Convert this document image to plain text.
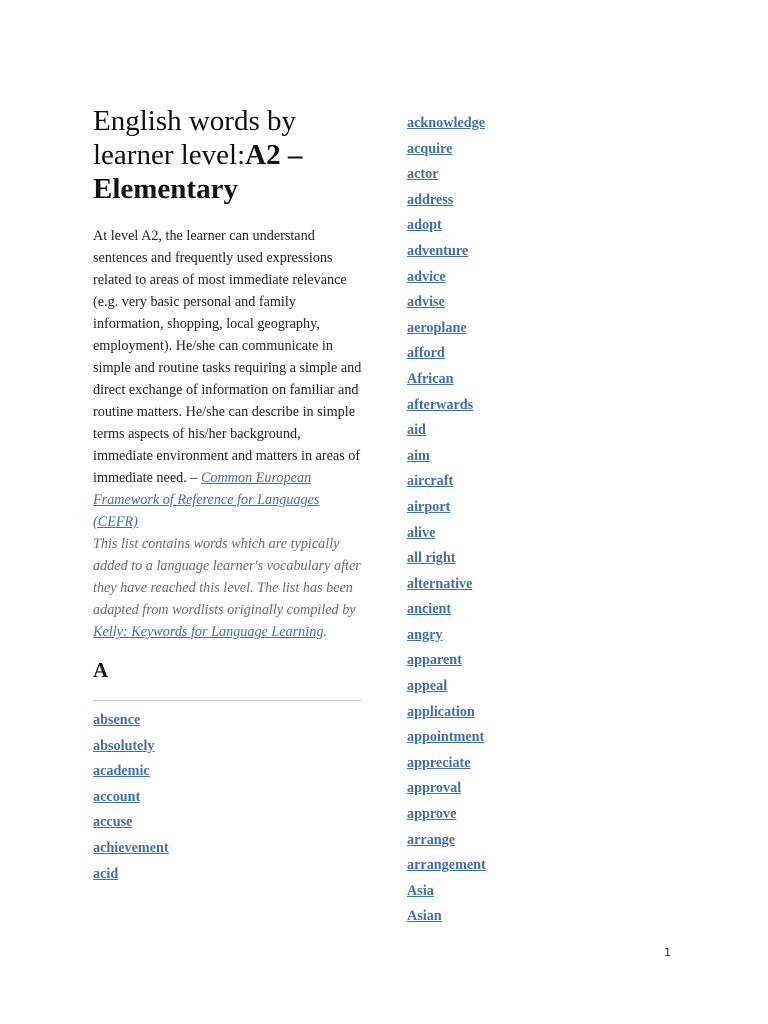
English words by learner level:A2 – Elementary

At level A2, the learner can understand sentences and frequently used expressions related to areas of most immediate relevance (e.g. very basic personal and family information, shopping, local geography, employment). He/she can communicate in simple and routine tasks requiring a simple and direct exchange of information on familiar and routine matters. He/she can describe in simple terms aspects of his/her background, immediate environment and matters in areas of immediate need. – Common European Framework of Reference for Languages (CEFR)

This list contains words which are typically added to a language learner's vocabulary after they have reached this level. The list has been adapted from wordlists originally compiled by Kelly: Keywords for Language Learning.

A
absence
absolutely
academic
account
accuse
achievement
acid
acknowledge
acquire
actor
address
adopt
adventure
advice
advise
aeroplane
afford
African
afterwards
aid
aim
aircraft
airport
alive
all right
alternative
ancient
angry
apparent
appeal
application
appointment
appreciate
approval
approve
arrange
arrangement
Asia
Asian
1
